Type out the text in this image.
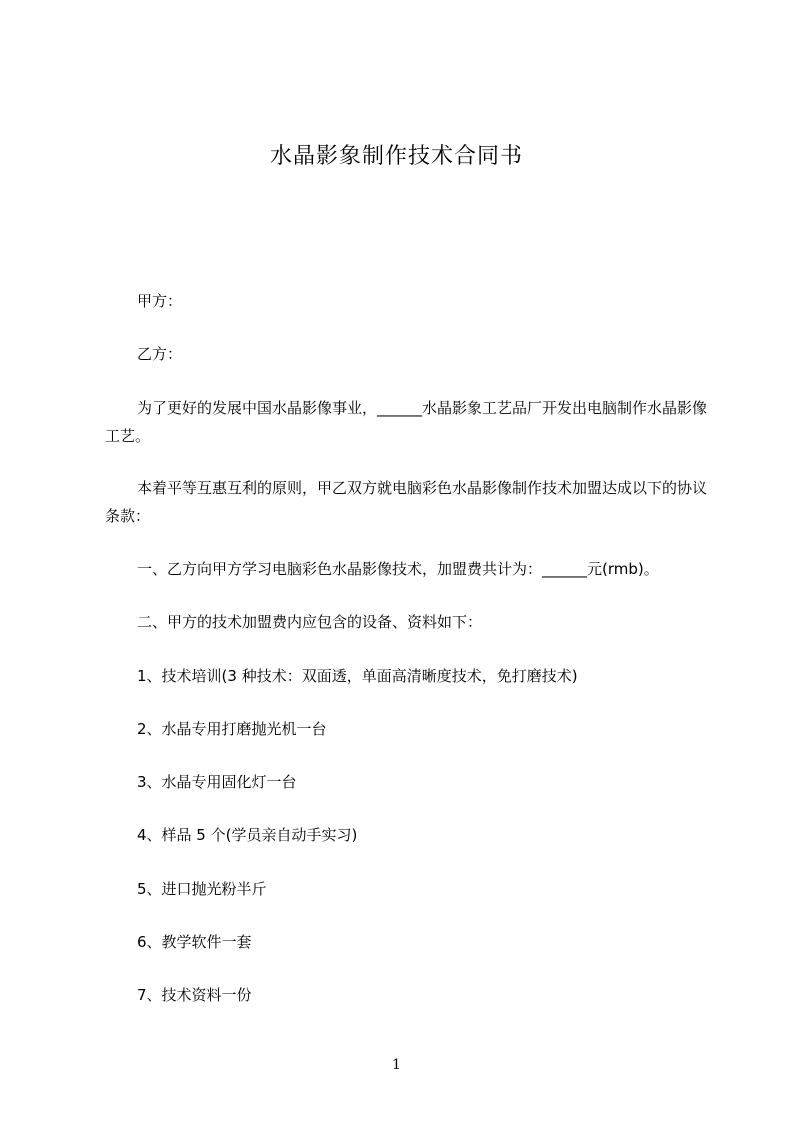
水晶影象制作技术合同书
甲方：
乙方：
为了更好的发展中国水晶影像事业，______水晶影象工艺品厂开发出电脑制作水晶影像工艺。
本着平等互惠互利的原则，甲乙双方就电脑彩色水晶影像制作技术加盟达成以下的协议条款：
一、乙方向甲方学习电脑彩色水晶影像技术，加盟费共计为：______元(rmb)。
二、甲方的技术加盟费内应包含的设备、资料如下：
1、技术培训(3 种技术：双面透，单面高清晰度技术，免打磨技术)
2、水晶专用打磨抛光机一台
3、水晶专用固化灯一台
4、样品 5 个(学员亲自动手实习)
5、进口抛光粉半斤
6、教学软件一套
7、技术资料一份
1
